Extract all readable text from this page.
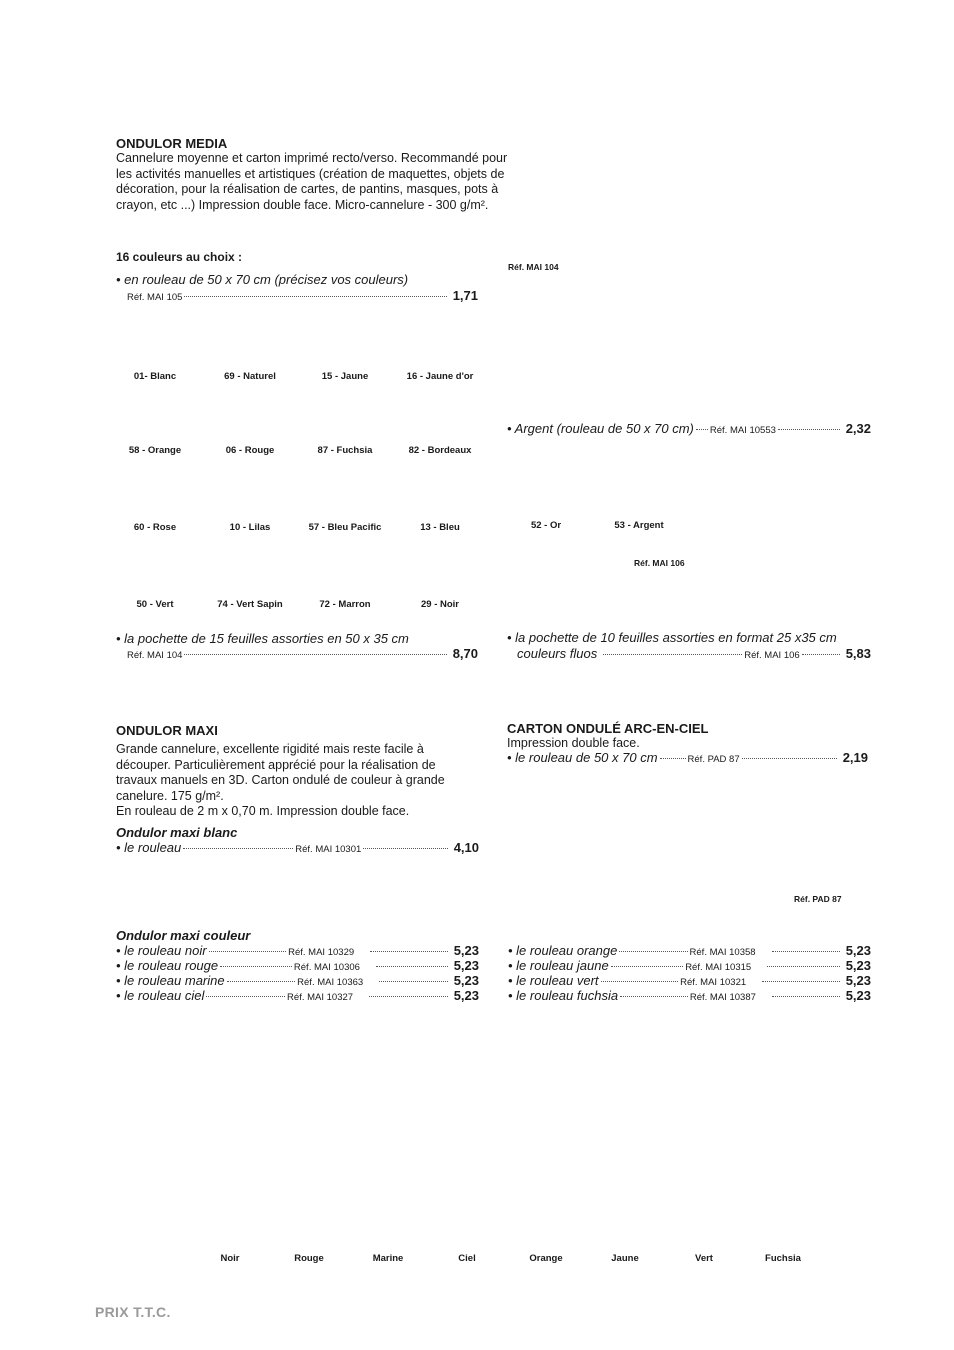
ONDULOR MEDIA
Cannelure moyenne et carton imprimé recto/verso. Recommandé pour
les activités manuelles et artistiques (création de maquettes, objets de
décoration, pour la réalisation de cartes, de pantins, masques, pots à
crayon, etc ...) Impression double face. Micro-cannelure - 300 g/m².
16 couleurs au choix :
• en rouleau de 50 x 70 cm (précisez vos couleurs)
Réf. MAI 105	1,71
01- Blanc	69 - Naturel	15 - Jaune	16 - Jaune d'or
58 - Orange	06 - Rouge	87 - Fuchsia	82 - Bordeaux
60 - Rose	10 - Lilas	57 - Bleu Pacific	13 - Bleu
50 - Vert	74 - Vert Sapin	72 - Marron	29 - Noir
• la pochette de 15 feuilles assorties en 50 x 35 cm
Réf. MAI 104	8,70
Réf. MAI 104
• Argent (rouleau de 50 x 70 cm) Réf. MAI 10553	2,32
52 - Or	53 - Argent
Réf. MAI 106
• la pochette de 10 feuilles assorties en format 25 x35 cm
couleurs fluos	Réf. MAI 106	5,83
ONDULOR MAXI
Grande cannelure, excellente rigidité mais reste facile à
découper. Particulièrement apprécié pour la réalisation de
travaux manuels en 3D. Carton ondulé de couleur à grande
canelure. 175 g/m².
En rouleau de 2 m x 0,70 m. Impression double face.
Ondulor maxi blanc
• le rouleau	Réf. MAI 10301	4,10
Ondulor maxi couleur
• le rouleau noir	Réf. MAI 10329	5,23
• le rouleau rouge	Réf. MAI 10306	5,23
• le rouleau marine	Réf. MAI 10363	5,23
• le rouleau ciel	Réf. MAI 10327	5,23
• le rouleau orange	Réf. MAI 10358	5,23
• le rouleau jaune	Réf. MAI 10315	5,23
• le rouleau vert	Réf. MAI 10321	5,23
• le rouleau fuchsia	Réf. MAI 10387	5,23
CARTON ONDULÉ ARC-EN-CIEL
Impression double face.
• le rouleau de 50 x 70 cm	Réf. PAD 87	2,19
Réf. PAD 87
Noir	Rouge	Marine	Ciel	Orange	Jaune	Vert	Fuchsia
PRIX T.T.C.
